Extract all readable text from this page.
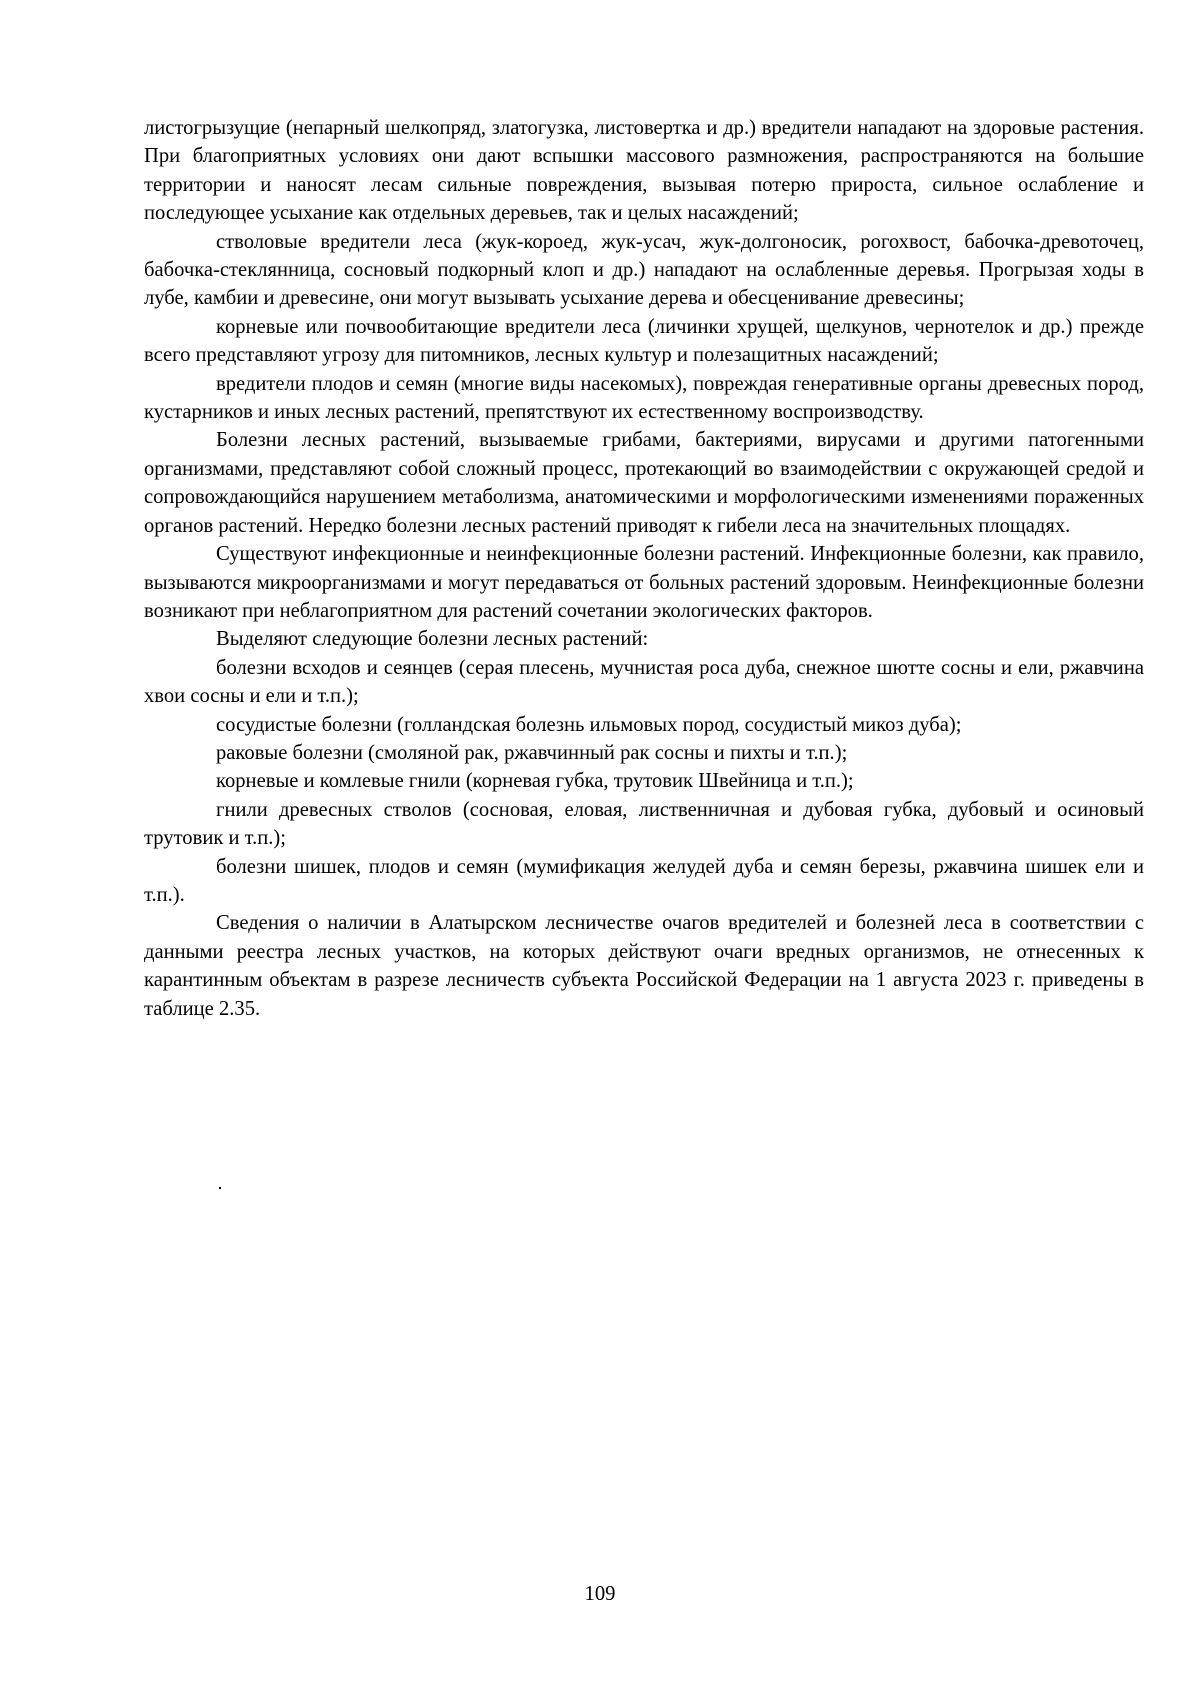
листогрызущие (непарный шелкопряд, златогузка, листовертка и др.) вредители нападают на здоровые растения. При благоприятных условиях они дают вспышки массового размножения, распространяются на большие территории и наносят лесам сильные повреждения, вызывая потерю прироста, сильное ослабление и последующее усыхание как отдельных деревьев, так и целых насаждений;

стволовые вредители леса (жук-короед, жук-усач, жук-долгоносик, рогохвост, бабочка-древоточец, бабочка-стеклянница, сосновый подкорный клоп и др.) нападают на ослабленные деревья. Прогрызая ходы в лубе, камбии и древесине, они могут вызывать усыхание дерева и обесценивание древесины;

корневые или почвообитающие вредители леса (личинки хрущей, щелкунов, чернотелок и др.) прежде всего представляют угрозу для питомников, лесных культур и полезащитных насаждений;

вредители плодов и семян (многие виды насекомых), повреждая генеративные органы древесных пород, кустарников и иных лесных растений, препятствуют их естественному воспроизводству.

Болезни лесных растений, вызываемые грибами, бактериями, вирусами и другими патогенными организмами, представляют собой сложный процесс, протекающий во взаимодействии с окружающей средой и сопровождающийся нарушением метаболизма, анатомическими и морфологическими изменениями пораженных органов растений. Нередко болезни лесных растений приводят к гибели леса на значительных площадях.

Существуют инфекционные и неинфекционные болезни растений. Инфекционные болезни, как правило, вызываются микроорганизмами и могут передаваться от больных растений здоровым. Неинфекционные болезни возникают при неблагоприятном для растений сочетании экологических факторов.

Выделяют следующие болезни лесных растений:

болезни всходов и сеянцев (серая плесень, мучнистая роса дуба, снежное шютте сосны и ели, ржавчина хвои сосны и ели и т.п.);

сосудистые болезни (голландская болезнь ильмовых пород, сосудистый микоз дуба);

раковые болезни (смоляной рак, ржавчинный рак сосны и пихты и т.п.);

корневые и комлевые гнили (корневая губка, трутовик Швейница и т.п.);

гнили древесных стволов (сосновая, еловая, лиственничная и дубовая губка, дубовый и осиновый трутовик и т.п.);

болезни шишек, плодов и семян (мумификация желудей дуба и семян березы, ржавчина шишек ели и т.п.).

Сведения о наличии в Алатырском лесничестве очагов вредителей и болезней леса в соответствии с данными реестра лесных участков, на которых действуют очаги вредных организмов, не отнесенных к карантинным объектам в разрезе лесничеств субъекта Российской Федерации на 1 августа 2023 г. приведены в таблице 2.35.

109
